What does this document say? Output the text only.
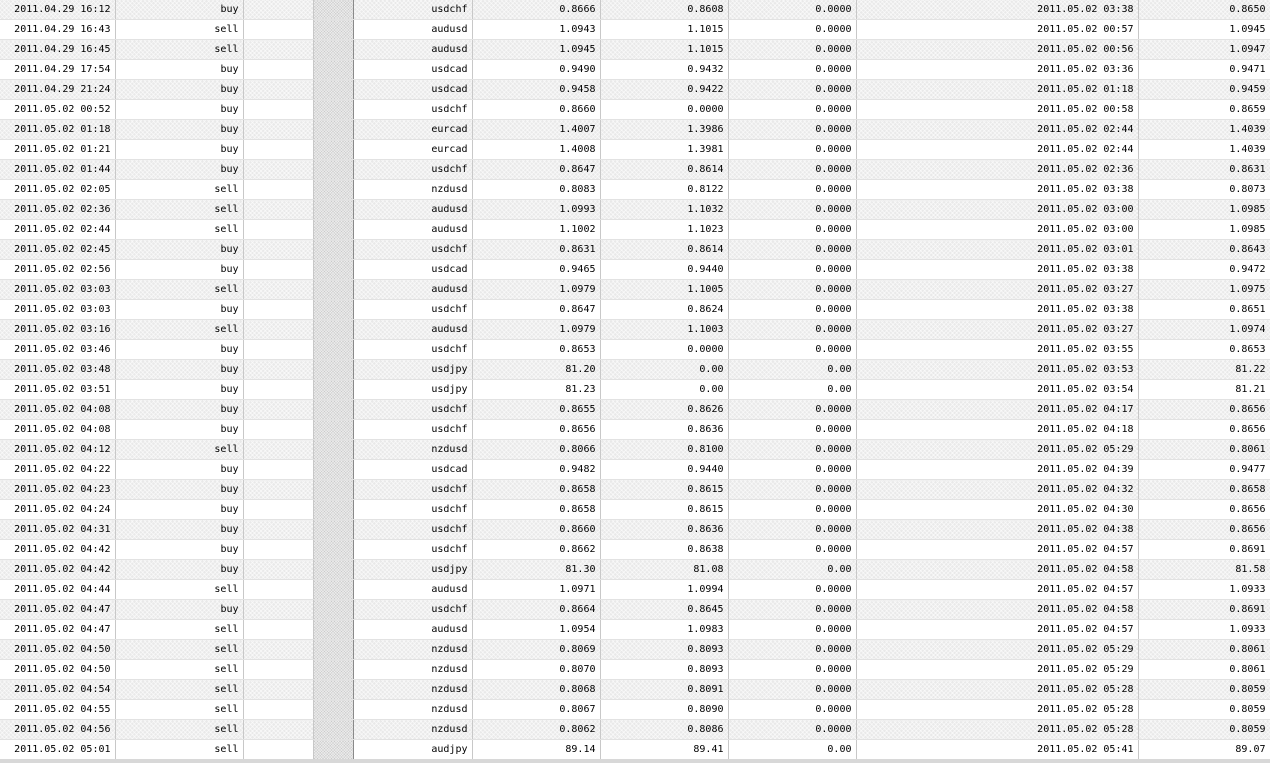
2011.04.29 16:12	buy			usdchf	0.8666	0.8608	0.0000	2011.05.02 03:38	0.8650
2011.04.29 16:43	sell			audusd	1.0943	1.1015	0.0000	2011.05.02 00:57	1.0945
2011.04.29 16:45	sell			audusd	1.0945	1.1015	0.0000	2011.05.02 00:56	1.0947
2011.04.29 17:54	buy			usdcad	0.9490	0.9432	0.0000	2011.05.02 03:36	0.9471
2011.04.29 21:24	buy			usdcad	0.9458	0.9422	0.0000	2011.05.02 01:18	0.9459
2011.05.02 00:52	buy			usdchf	0.8660	0.0000	0.0000	2011.05.02 00:58	0.8659
2011.05.02 01:18	buy			eurcad	1.4007	1.3986	0.0000	2011.05.02 02:44	1.4039
2011.05.02 01:21	buy			eurcad	1.4008	1.3981	0.0000	2011.05.02 02:44	1.4039
2011.05.02 01:44	buy			usdchf	0.8647	0.8614	0.0000	2011.05.02 02:36	0.8631
2011.05.02 02:05	sell			nzdusd	0.8083	0.8122	0.0000	2011.05.02 03:38	0.8073
2011.05.02 02:36	sell			audusd	1.0993	1.1032	0.0000	2011.05.02 03:00	1.0985
2011.05.02 02:44	sell			audusd	1.1002	1.1023	0.0000	2011.05.02 03:00	1.0985
2011.05.02 02:45	buy			usdchf	0.8631	0.8614	0.0000	2011.05.02 03:01	0.8643
2011.05.02 02:56	buy			usdcad	0.9465	0.9440	0.0000	2011.05.02 03:38	0.9472
2011.05.02 03:03	sell			audusd	1.0979	1.1005	0.0000	2011.05.02 03:27	1.0975
2011.05.02 03:03	buy			usdchf	0.8647	0.8624	0.0000	2011.05.02 03:38	0.8651
2011.05.02 03:16	sell			audusd	1.0979	1.1003	0.0000	2011.05.02 03:27	1.0974
2011.05.02 03:46	buy			usdchf	0.8653	0.0000	0.0000	2011.05.02 03:55	0.8653
2011.05.02 03:48	buy			usdjpy	81.20	0.00	0.00	2011.05.02 03:53	81.22
2011.05.02 03:51	buy			usdjpy	81.23	0.00	0.00	2011.05.02 03:54	81.21
2011.05.02 04:08	buy			usdchf	0.8655	0.8626	0.0000	2011.05.02 04:17	0.8656
2011.05.02 04:08	buy			usdchf	0.8656	0.8636	0.0000	2011.05.02 04:18	0.8656
2011.05.02 04:12	sell			nzdusd	0.8066	0.8100	0.0000	2011.05.02 05:29	0.8061
2011.05.02 04:22	buy			usdcad	0.9482	0.9440	0.0000	2011.05.02 04:39	0.9477
2011.05.02 04:23	buy			usdchf	0.8658	0.8615	0.0000	2011.05.02 04:32	0.8658
2011.05.02 04:24	buy			usdchf	0.8658	0.8615	0.0000	2011.05.02 04:30	0.8656
2011.05.02 04:31	buy			usdchf	0.8660	0.8636	0.0000	2011.05.02 04:38	0.8656
2011.05.02 04:42	buy			usdchf	0.8662	0.8638	0.0000	2011.05.02 04:57	0.8691
2011.05.02 04:42	buy			usdjpy	81.30	81.08	0.00	2011.05.02 04:58	81.58
2011.05.02 04:44	sell			audusd	1.0971	1.0994	0.0000	2011.05.02 04:57	1.0933
2011.05.02 04:47	buy			usdchf	0.8664	0.8645	0.0000	2011.05.02 04:58	0.8691
2011.05.02 04:47	sell			audusd	1.0954	1.0983	0.0000	2011.05.02 04:57	1.0933
2011.05.02 04:50	sell			nzdusd	0.8069	0.8093	0.0000	2011.05.02 05:29	0.8061
2011.05.02 04:50	sell			nzdusd	0.8070	0.8093	0.0000	2011.05.02 05:29	0.8061
2011.05.02 04:54	sell			nzdusd	0.8068	0.8091	0.0000	2011.05.02 05:28	0.8059
2011.05.02 04:55	sell			nzdusd	0.8067	0.8090	0.0000	2011.05.02 05:28	0.8059
2011.05.02 04:56	sell			nzdusd	0.8062	0.8086	0.0000	2011.05.02 05:28	0.8059
2011.05.02 05:01	sell			audjpy	89.14	89.41	0.00	2011.05.02 05:41	89.07
